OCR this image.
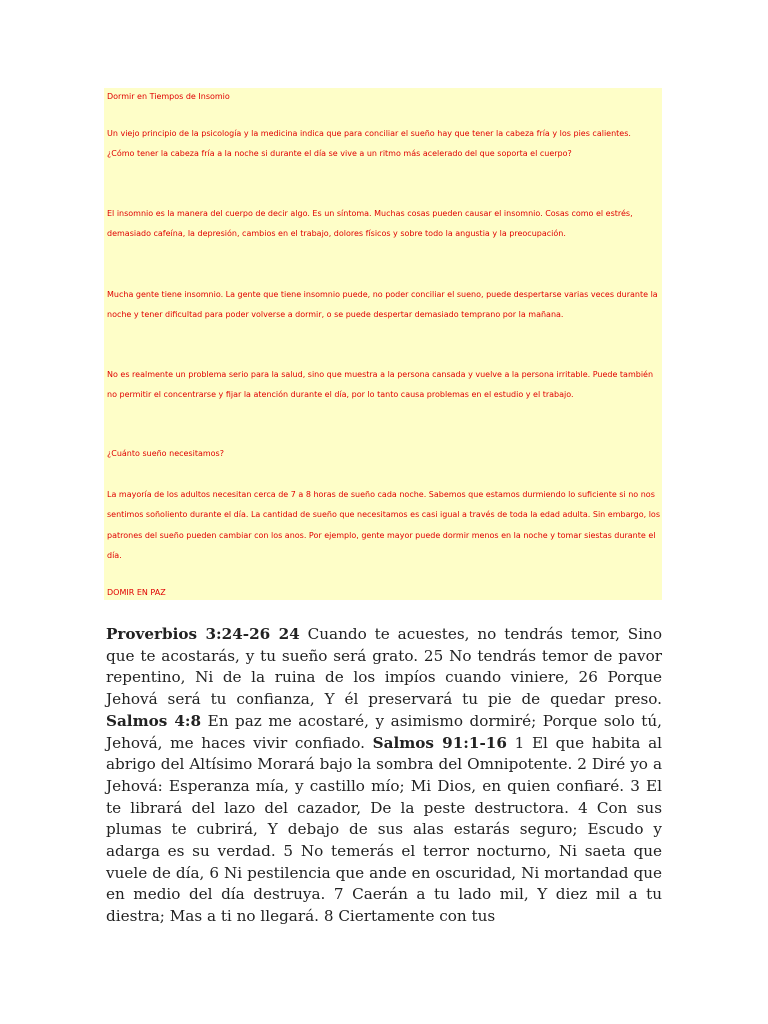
Dormir en Tiempos de Insomio

Un viejo principio de la psicología y la medicina indica que para conciliar el sueño hay que tener la cabeza fría y los pies calientes. ¿Cómo tener la cabeza fría a la noche si durante el día se vive a un ritmo más acelerado del que soporta el cuerpo?

El insomnio es la manera del cuerpo de decir algo. Es un síntoma. Muchas cosas pueden causar el insomnio. Cosas como el estrés, demasiado cafeína, la depresión, cambios en el trabajo, dolores físicos y sobre todo la angustia y la preocupación.

Mucha gente tiene insomnio. La gente que tiene insomnio puede, no poder conciliar el sueno, puede despertarse varias veces durante la noche y tener dificultad para poder volverse a dormir, o se puede despertar demasiado temprano por la mañana.

No es realmente un problema serio para la salud, sino que muestra a la persona cansada y vuelve a la persona irritable. Puede también no permitir el concentrarse y fijar la atención durante el día, por lo tanto causa problemas en el estudio y el trabajo.

¿Cuánto sueño necesitamos?

La mayoría de los adultos necesitan cerca de 7 a 8 horas de sueño cada noche. Sabemos que estamos durmiendo lo suficiente si no nos sentimos soñoliento durante el día. La cantidad de sueño que necesitamos es casi igual a través de toda la edad adulta. Sin embargo, los patrones del sueño pueden cambiar con los anos. Por ejemplo, gente mayor puede dormir menos en la noche y tomar siestas durante el día.

DOMIR EN PAZ

Proverbios 3:24-26 24 Cuando te acuestes, no tendrás temor, Sino que te acostarás, y tu sueño será grato. 25 No tendrás temor de pavor repentino, Ni de la ruina de los impíos cuando viniere, 26 Porque Jehová será tu confianza, Y él preservará tu pie de quedar preso. Salmos 4:8 En paz me acostaré, y asimismo dormiré; Porque solo tú, Jehová, me haces vivir confiado. Salmos 91:1-16 1 El que habita al abrigo del Altísimo Morará bajo la sombra del Omnipotente. 2 Diré yo a Jehová: Esperanza mía, y castillo mío; Mi Dios, en quien confiaré. 3 El te librará del lazo del cazador, De la peste destructora. 4 Con sus plumas te cubrirá, Y debajo de sus alas estarás seguro; Escudo y adarga es su verdad. 5 No temerás el terror nocturno, Ni saeta que vuele de día, 6 Ni pestilencia que ande en oscuridad, Ni mortandad que en medio del día destruya. 7 Caerán a tu lado mil, Y diez mil a tu diestra; Mas a ti no llegará. 8 Ciertamente con tus
